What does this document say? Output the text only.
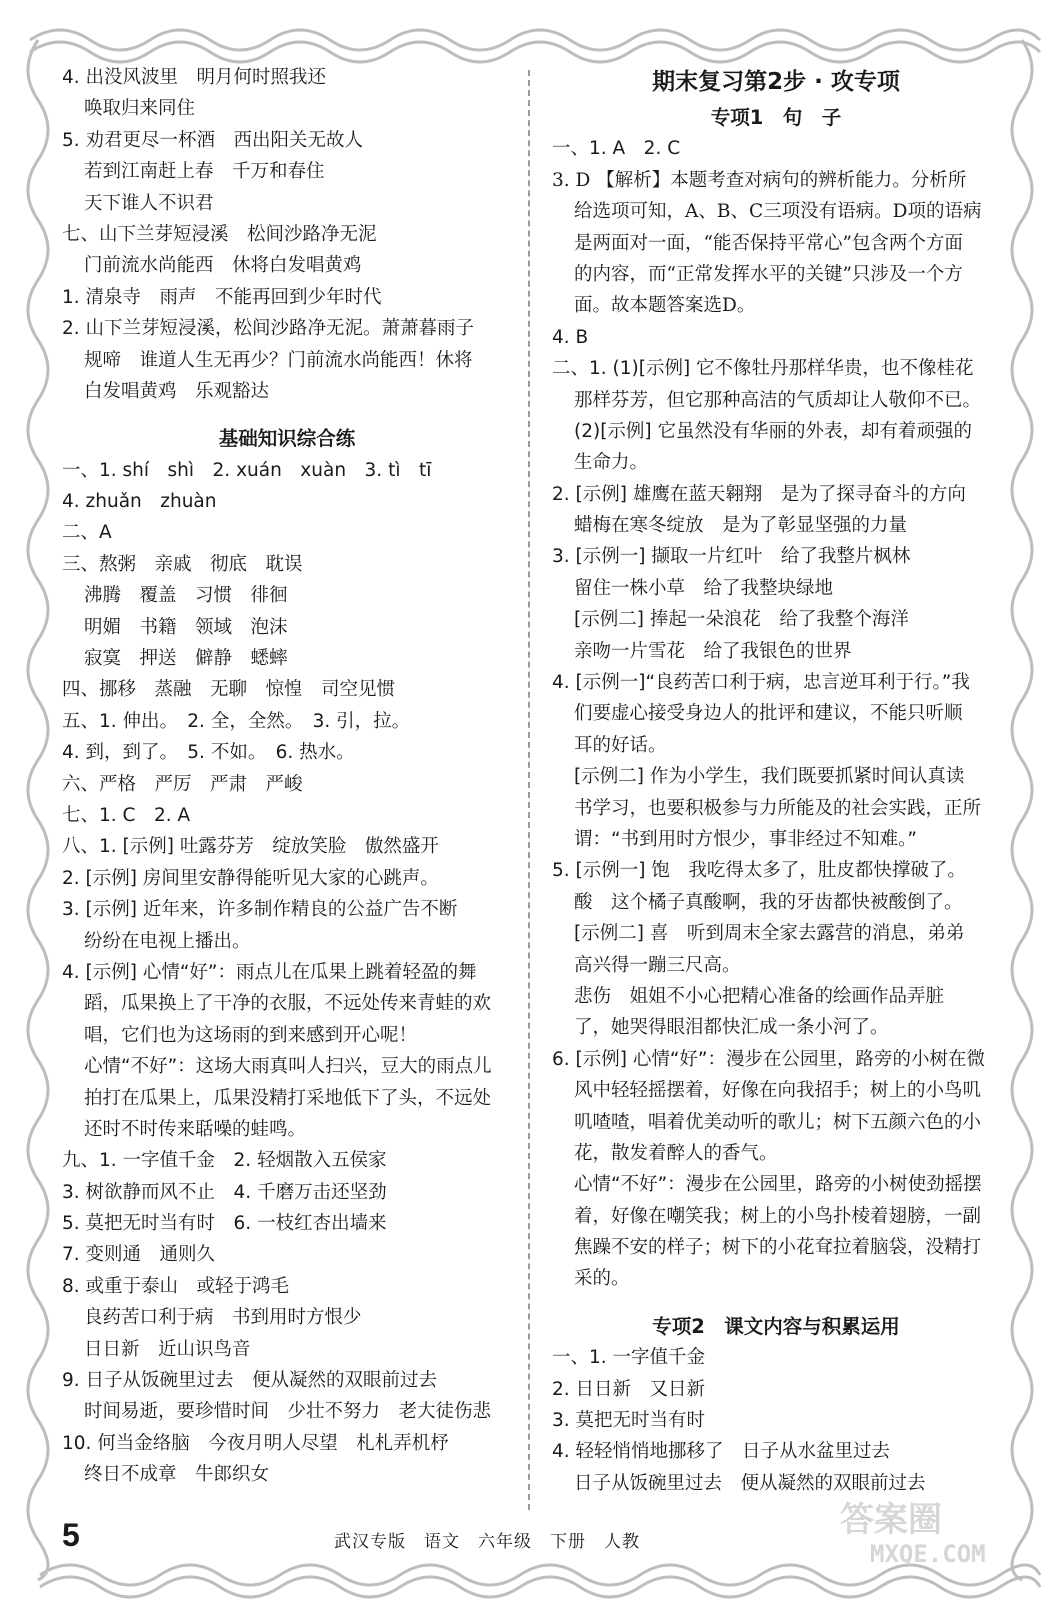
4. 出没风波里　明月何时照我还
唤取归来同住
5. 劝君更尽一杯酒　西出阳关无故人
若到江南赶上春　千万和春住
天下谁人不识君
七、山下兰芽短浸溪　松间沙路净无泥
门前流水尚能西　休将白发唱黄鸡
1. 清泉寺　雨声　不能再回到少年时代
2. 山下兰芽短浸溪，松间沙路净无泥。萧萧暮雨子
规啼　谁道人生无再少？门前流水尚能西！休将
白发唱黄鸡　乐观豁达
基础知识综合练
一、1. shí　shì　2. xuán　xuàn　3. tì　tī
4. zhuǎn　zhuàn
二、A
三、熬粥　亲戚　彻底　耽误
沸腾　覆盖　习惯　徘徊
明媚　书籍　领域　泡沫
寂寞　押送　僻静　蟋蟀
四、挪移　蒸融　无聊　惊惶　司空见惯
五、1. 伸出。　2. 全，全然。　3. 引，拉。
4. 到，到了。　5. 不如。　6. 热水。
六、严格　严厉　严肃　严峻
七、1. C　2. A
八、1. [示例] 吐露芬芳　绽放笑脸　傲然盛开
2. [示例] 房间里安静得能听见大家的心跳声。
3. [示例] 近年来，许多制作精良的公益广告不断
纷纷在电视上播出。
4. [示例] 心情“好”：雨点儿在瓜果上跳着轻盈的舞
蹈，瓜果换上了干净的衣服，不远处传来青蛙的欢
唱，它们也为这场雨的到来感到开心呢！
心情“不好”：这场大雨真叫人扫兴，豆大的雨点儿
拍打在瓜果上，瓜果没精打采地低下了头，不远处
还时不时传来聒噪的蛙鸣。
九、1. 一字值千金　2. 轻烟散入五侯家
3. 树欲静而风不止　4. 千磨万击还坚劲
5. 莫把无时当有时　6. 一枝红杏出墙来
7. 变则通　通则久
8. 或重于泰山　或轻于鸿毛
良药苦口利于病　书到用时方恨少
日日新　近山识鸟音
9. 日子从饭碗里过去　便从凝然的双眼前过去
时间易逝，要珍惜时间　少壮不努力　老大徒伤悲
10. 何当金络脑　今夜月明人尽望　札札弄机杼
终日不成章　牛郎织女
期末复习第2步 · 攻专项
专项1　句　子
一、1. A　2. C
3. D 【解析】本题考查对病句的辨析能力。分析所
给选项可知，A、B、C三项没有语病。D项的语病
是两面对一面，“能否保持平常心”包含两个方面
的内容，而“正常发挥水平的关键”只涉及一个方
面。故本题答案选D。
4. B
二、1. (1)[示例] 它不像牡丹那样华贵，也不像桂花
那样芬芳，但它那种高洁的气质却让人敬仰不已。
(2)[示例] 它虽然没有华丽的外表，却有着顽强的
生命力。
2. [示例] 雄鹰在蓝天翱翔　是为了探寻奋斗的方向
蜡梅在寒冬绽放　是为了彰显坚强的力量
3. [示例一] 撷取一片红叶　给了我整片枫林
留住一株小草　给了我整块绿地
[示例二] 捧起一朵浪花　给了我整个海洋
亲吻一片雪花　给了我银色的世界
4. [示例一]“良药苦口利于病，忠言逆耳利于行。”我
们要虚心接受身边人的批评和建议，不能只听顺
耳的好话。
[示例二] 作为小学生，我们既要抓紧时间认真读
书学习，也要积极参与力所能及的社会实践，正所
谓：“书到用时方恨少，事非经过不知难。”
5. [示例一] 饱　我吃得太多了，肚皮都快撑破了。
酸　这个橘子真酸啊，我的牙齿都快被酸倒了。
[示例二] 喜　听到周末全家去露营的消息，弟弟
高兴得一蹦三尺高。
悲伤　姐姐不小心把精心准备的绘画作品弄脏
了，她哭得眼泪都快汇成一条小河了。
6. [示例] 心情“好”：漫步在公园里，路旁的小树在微
风中轻轻摇摆着，好像在向我招手；树上的小鸟叽
叽喳喳，唱着优美动听的歌儿；树下五颜六色的小
花，散发着醉人的香气。
心情“不好”：漫步在公园里，路旁的小树使劲摇摆
着，好像在嘲笑我；树上的小鸟扑棱着翅膀，一副
焦躁不安的样子；树下的小花耷拉着脑袋，没精打
采的。
专项2　课文内容与积累运用
一、1. 一字值千金
2. 日日新　又日新
3. 莫把无时当有时
4. 轻轻悄悄地挪移了　日子从水盆里过去
日子从饭碗里过去　便从凝然的双眼前过去
5	武汉专版　语文　六年级　下册　人教
答案圈
MXQE.COM
